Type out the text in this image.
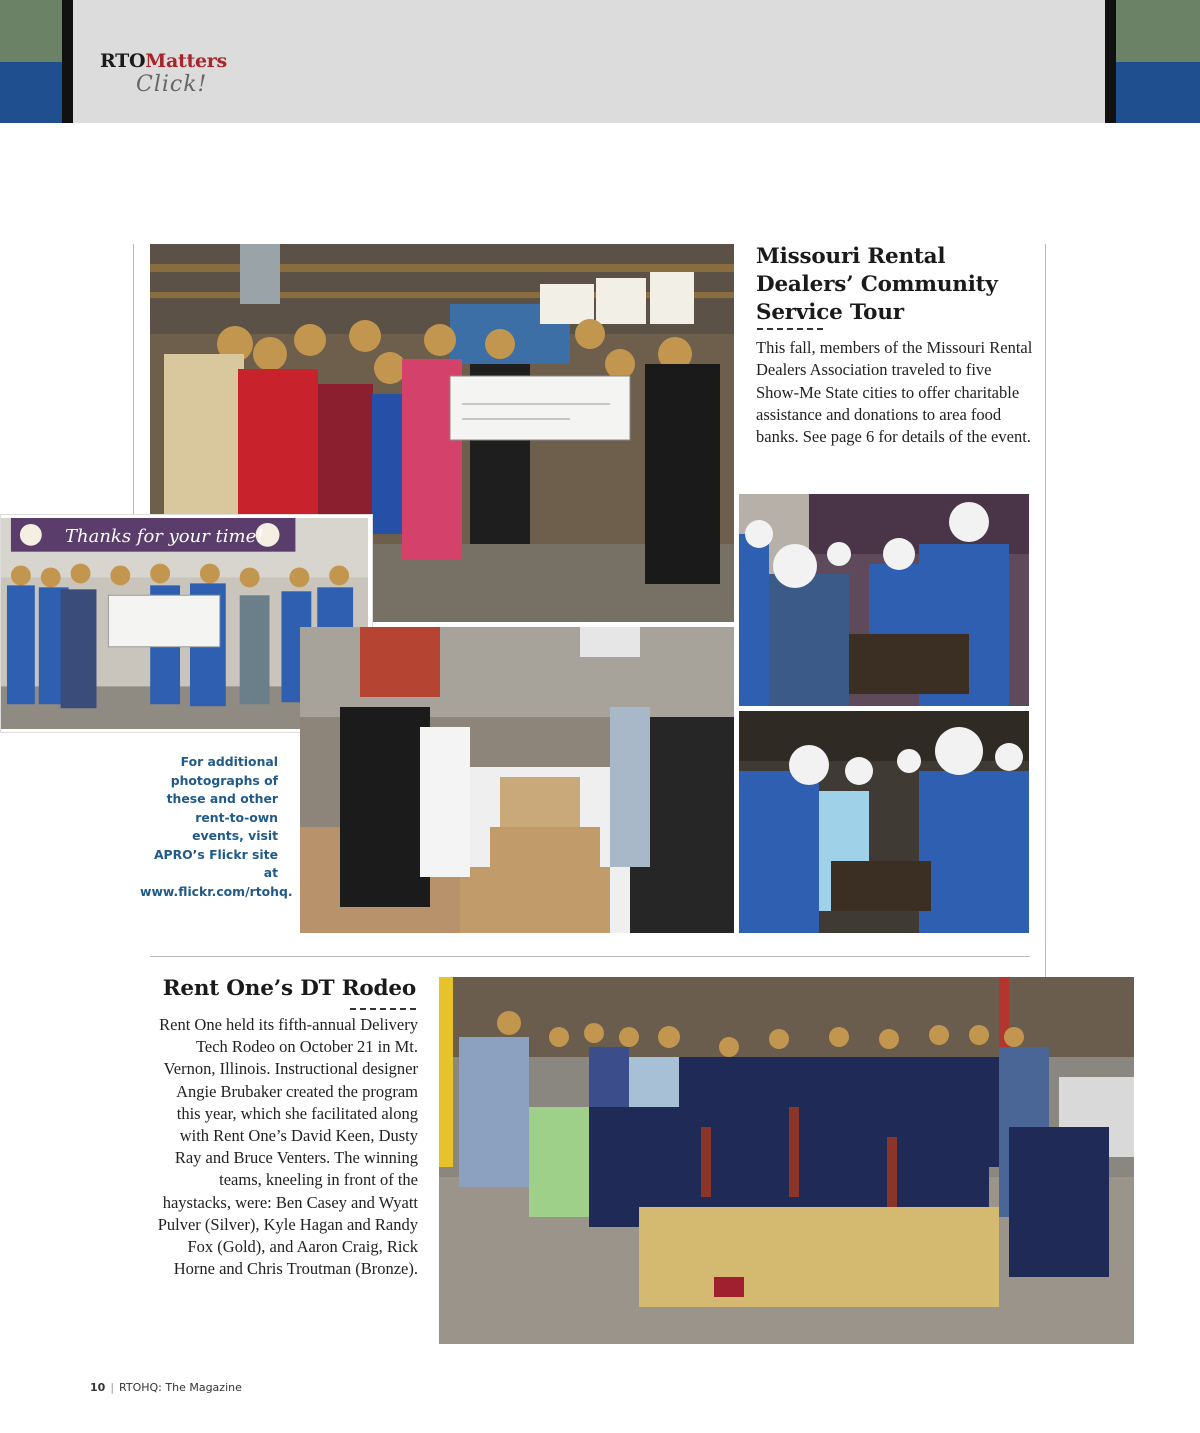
RTOMatters
Click!
Thanks for your time!
Missouri Rental Dealers’ Community Service Tour
This fall, members of the Missouri Rental Dealers Association traveled to five Show-Me State cities to offer charitable assistance and donations to area food banks. See page 6 for details of the event.
For additional photographs of these and other rent-to-own events, visit APRO’s Flickr site at www.flickr.com/rtohq.
Rent One’s DT Rodeo
Rent One held its fifth-annual Delivery Tech Rodeo on October 21 in Mt. Vernon, Illinois. Instructional designer Angie Brubaker created the program this year, which she facilitated along with Rent One’s David Keen, Dusty Ray and Bruce Venters. The winning teams, kneeling in front of the haystacks, were: Ben Casey and Wyatt Pulver (Silver), Kyle Hagan and Randy Fox (Gold), and Aaron Craig, Rick Horne and Chris Troutman (Bronze).
10 | RTOHQ: The Magazine
